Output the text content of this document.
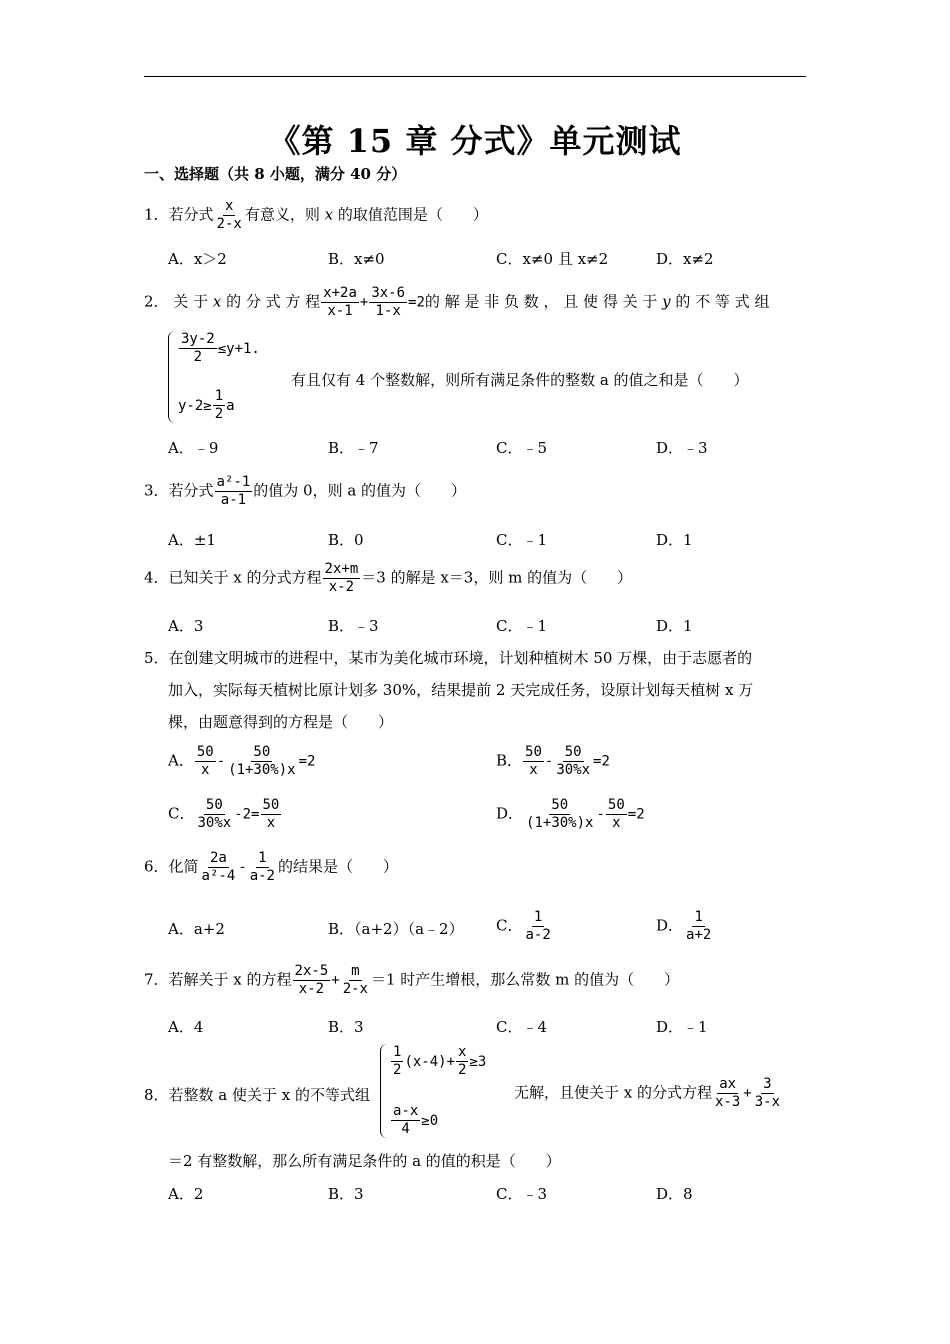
《第 15 章 分式》单元测试
一、选择题（共 8 小题，满分 40 分）
1．若分式 $\frac{x}{2-x}$ 有意义，则 x 的取值范围是（　　）
A．x＞2	B．x≠0	C．x≠0 且 x≠2	D．x≠2
2． 关 于 x 的 分 式 方 程 $\frac{x+2a}{x-1} + \frac{3x-6}{1-x} =2$的 解 是 非 负 数 ， 且 使 得 关 于 y 的 不 等 式 组
$\frac{3y-2}{2} \le y+1$.
$y-2\ge \frac{1}{2}$ a
有且仅有 4 个整数解，则所有满足条件的整数 a 的值之和是（　　）
A．﹣9	B．﹣7	C．﹣5	D．﹣3
3．若分式 $\frac{\text{a²-1}}{a-1}$ 的值为 0，则 a 的值为（　　）
A．±1	B．0	C．﹣1	D．1
4．已知关于 x 的分式方程 $\frac{2x+m}{x-2} =3$ 的解是 x＝3，则 m 的值为（　　）
A．3	B．﹣3	C．﹣1	D．1
5．在创建文明城市的进程中，某市为美化城市环境，计划种植树木 50 万棵，由于志愿者的
加入，实际每天植树比原计划多 30%，结果提前 2 天完成任务，设原计划每天植树 x 万
棵，由题意得到的方程是（　　）
A． $\frac{50}{x} - \frac{50}{(1+30\%)x} =2$	B． $\frac{50}{x} - \frac{50}{30\%x} =2$
C． $\frac{50}{30\%x} -2= \frac{50}{x}$	D． $\frac{50}{(1+30\%)x} - \frac{50}{x} =2$
6．化简 $\frac{2a}{\text{a²-4}} - \frac{1}{a-2}$ 的结果是（　　）
A．a+2	B．（a+2）（a﹣2） C． $\frac{1}{a-2}$	D． $\frac{1}{a+2}$
7．若解关于 x 的方程 $\frac{2x-5}{x-2} + \frac{m}{2-x} =1$ 时产生增根，那么常数 m 的值为（　　）
A．4	B．3	C．﹣4	D．﹣1
8．若整数 a 使关于 x 的不等式组
$\frac{1}{2} (x-4)+ \frac{x}{2} \ge 3$
$\frac{a-x}{4} \ge 0$
无解，且使关于 x 的分式方程 $\frac{ax}{x-3} + \frac{3}{3-x}$
＝2 有整数解，那么所有满足条件的 a 的值的积是（　　）
A．2	B．3	C．﹣3	D．8
